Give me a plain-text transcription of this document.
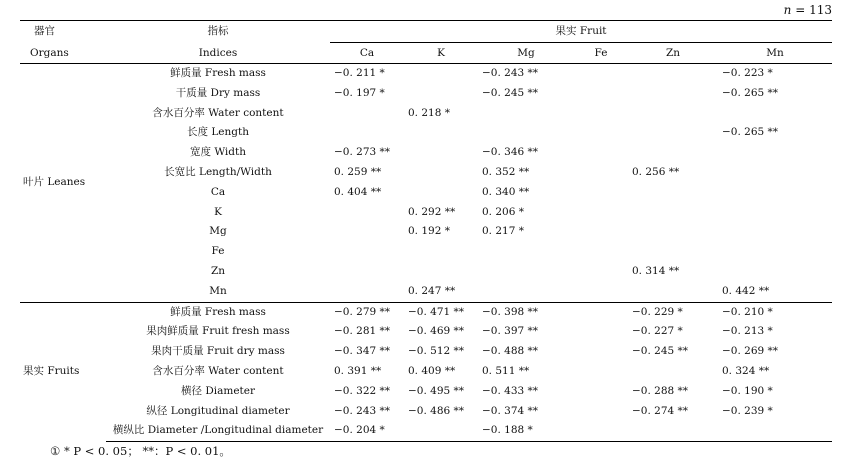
n = 113
器官	指标	果实 Fruit					
Organs	Indices	Ca	K	Mg	Fe	Zn	Mn
叶片 Leanes	鲜质量 Fresh mass	−0. 211 *		−0. 243 **			−0. 223 *
	干质量 Dry mass	−0. 197 *		−0. 245 **			−0. 265 **
	含水百分率 Water content		0. 218 *				
	长度 Length						−0. 265 **
	宽度 Width	−0. 273 **		−0. 346 **			
	长宽比 Length/Width	0. 259 **		0. 352 **		0. 256 **	
	Ca	0. 404 **		0. 340 **			
	K		0. 292 **	0. 206 *			
	Mg		0. 192 *	0. 217 *			
	Fe						
	Zn					0. 314 **	
	Mn		0. 247 **				0. 442 **
果实 Fruits	鲜质量 Fresh mass	−0. 279 **	−0. 471 **	−0. 398 **		−0. 229 *	−0. 210 *
	果肉鲜质量 Fruit fresh mass	−0. 281 **	−0. 469 **	−0. 397 **		−0. 227 *	−0. 213 *
	果肉干质量 Fruit dry mass	−0. 347 **	−0. 512 **	−0. 488 **		−0. 245 **	−0. 269 **
	含水百分率 Water content	0. 391 **	0. 409 **	0. 511 **			0. 324 **
	横径 Diameter	−0. 322 **	−0. 495 **	−0. 433 **		−0. 288 **	−0. 190 *
	纵径 Longitudinal diameter	−0. 243 **	−0. 486 **	−0. 374 **		−0. 274 **	−0. 239 *
	横纵比 Diameter /Longitudinal diameter	−0. 204 *		−0. 188 *			
① * P < 0. 05； **：P < 0. 01。
